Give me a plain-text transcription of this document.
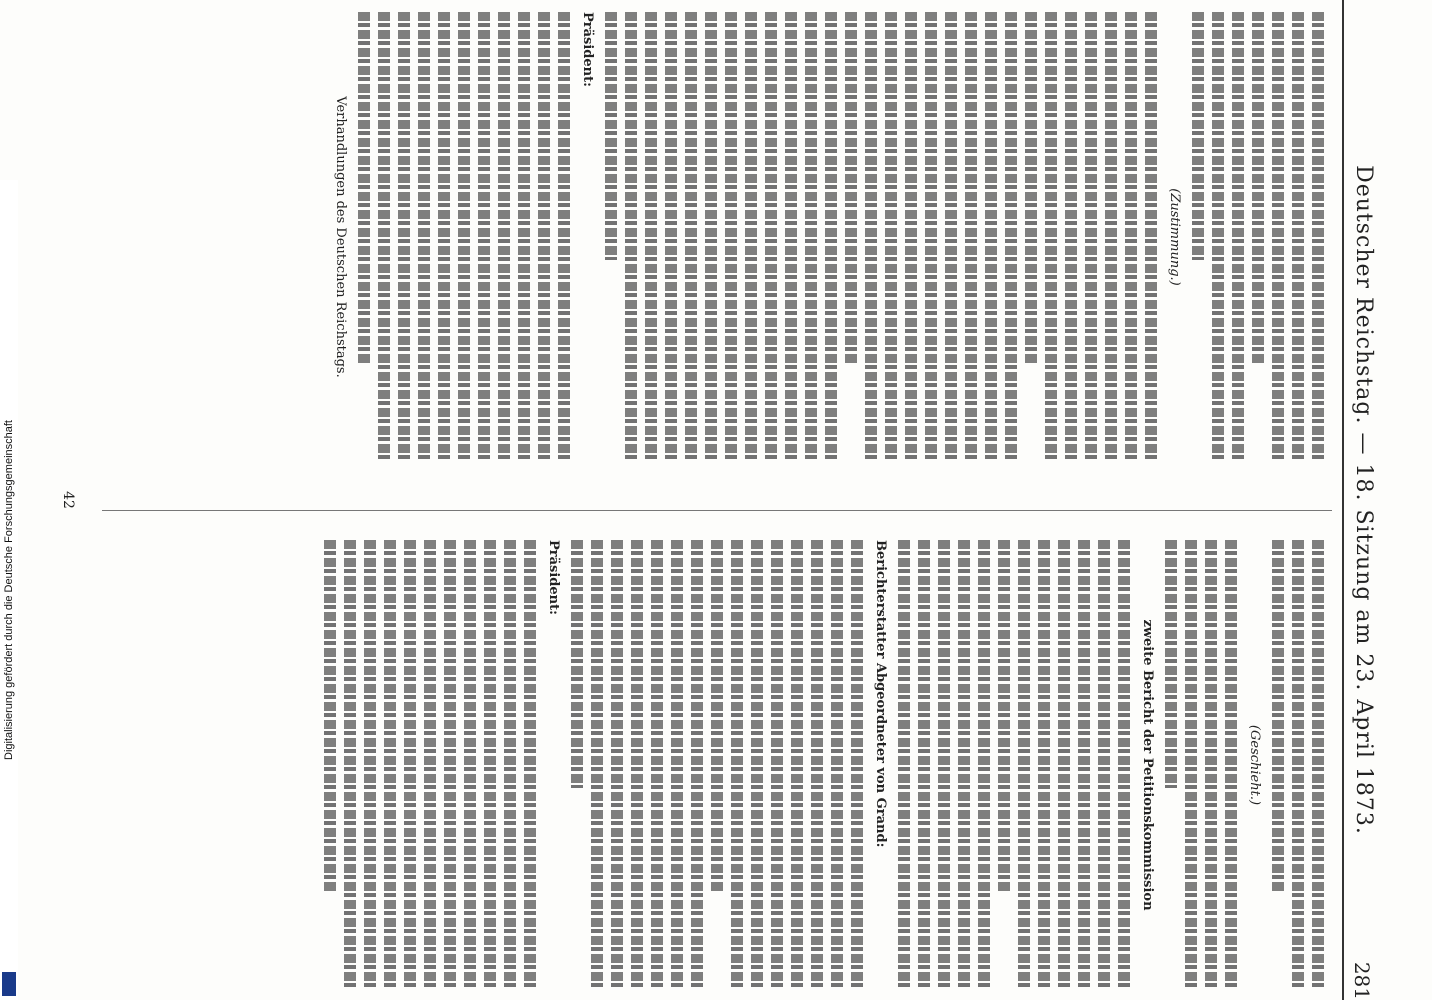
Deutscher Reichstag. — 18. Sitzung am 23. April 1873.
281
(Zustimmung.)
Präsident:
Verhandlungen des Deutschen Reichstags.
(Geschieht.)
zweite Bericht der Petitionskommission
Berichterstatter Abgeordneter von Grand:
Präsident:
42
Digitalisierung gefördert durch die Deutsche Forschungsgemeinschaft
